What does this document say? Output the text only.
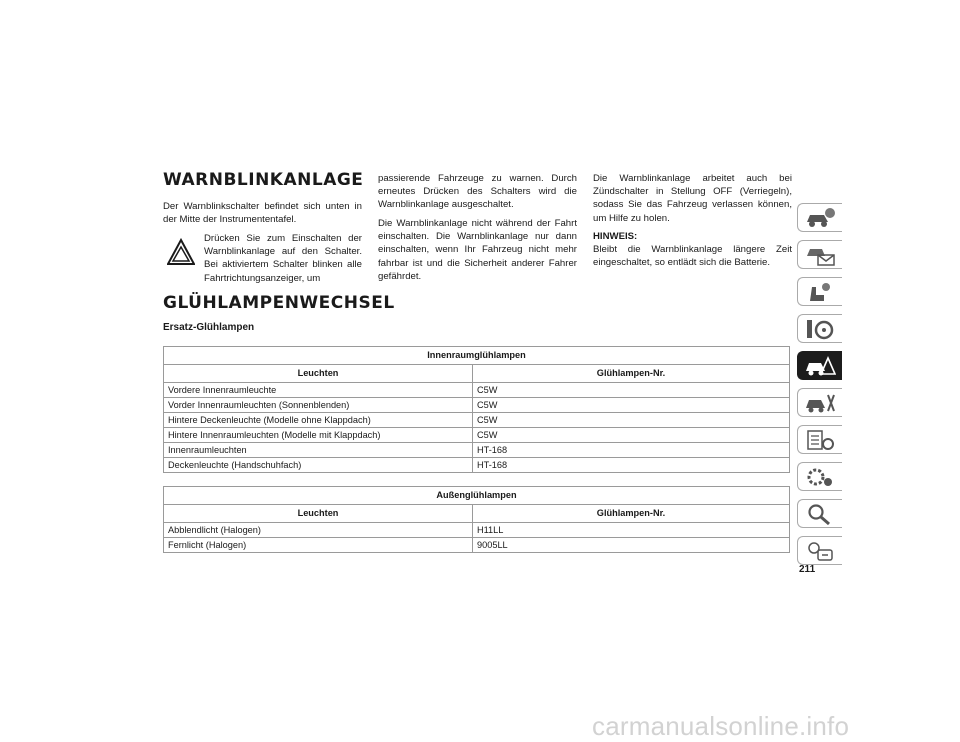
WARNBLINKANLAGE

Der Warnblinkschalter befindet sich unten in der Mitte der Instrumententafel.

Drücken Sie zum Einschalten der Warnblinkanlage auf den Schalter. Bei aktiviertem Schalter blinken alle Fahrtrichtungsanzeiger, um

passierende Fahrzeuge zu warnen. Durch erneutes Drücken des Schalters wird die Warnblinkanlage ausgeschaltet.

Die Warnblinkanlage nicht während der Fahrt einschalten. Die Warnblinkanlage nur dann einschalten, wenn Ihr Fahrzeug nicht mehr fahrbar ist und die Sicherheit anderer Fahrer gefährdet.

Die Warnblinkanlage arbeitet auch bei Zündschalter in Stellung OFF (Verriegeln), sodass Sie das Fahrzeug verlassen können, um Hilfe zu holen.

HINWEIS:

Bleibt die Warnblinkanlage längere Zeit eingeschaltet, so entlädt sich die Batterie.

GLÜHLAMPENWECHSEL
Ersatz-Glühlampen
Innenraumglühlampen	
Leuchten	Glühlampen-Nr.
Vordere Innenraumleuchte	C5W
Vorder Innenraumleuchten (Sonnenblenden)	C5W
Hintere Deckenleuchte (Modelle ohne Klappdach)	C5W
Hintere Innenraumleuchten (Modelle mit Klappdach)	C5W
Innenraumleuchten	HT-168
Deckenleuchte (Handschuhfach)	HT-168
Außenglühlampen	
Leuchten	Glühlampen-Nr.
Abblendlicht (Halogen)	H11LL
Fernlicht (Halogen)	9005LL
211
carmanualsonline.info
